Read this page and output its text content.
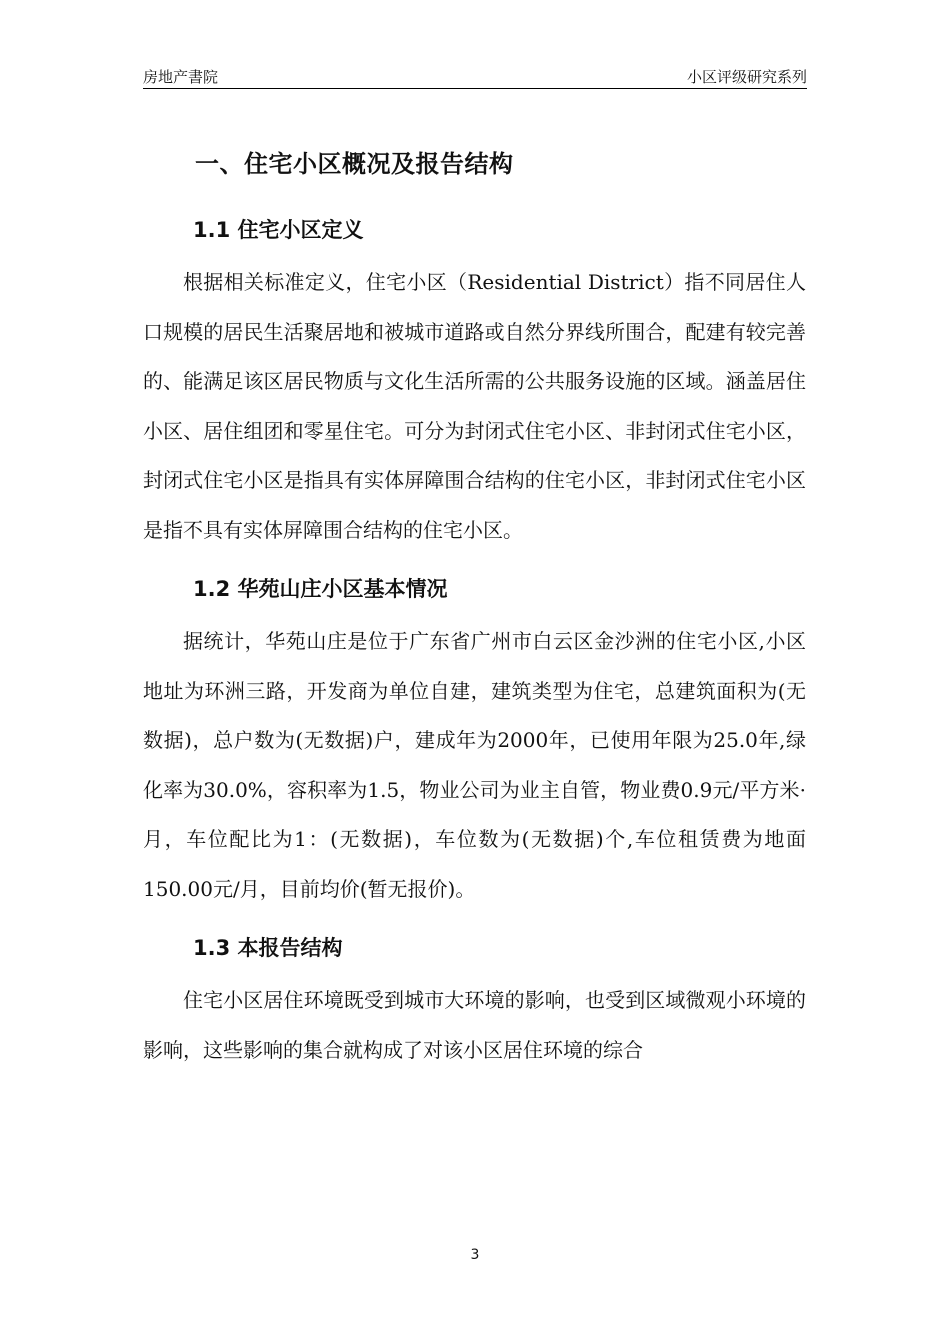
房地产書院	小区评级研究系列
一、住宅小区概况及报告结构
1.1 住宅小区定义

根据相关标准定义，住宅小区（Residential District）指不同居住人口规模的居民生活聚居地和被城市道路或自然分界线所围合，配建有较完善的、能满足该区居民物质与文化生活所需的公共服务设施的区域。涵盖居住小区、居住组团和零星住宅。可分为封闭式住宅小区、非封闭式住宅小区，封闭式住宅小区是指具有实体屏障围合结构的住宅小区，非封闭式住宅小区是指不具有实体屏障围合结构的住宅小区。

1.2 华苑山庄小区基本情况

据统计，华苑山庄是位于广东省广州市白云区金沙洲的住宅小区,小区地址为环洲三路，开发商为单位自建，建筑类型为住宅，总建筑面积为(无数据)，总户数为(无数据)户，建成年为2000年，已使用年限为25.0年,绿化率为30.0%，容积率为1.5，物业公司为业主自管，物业费0.9元/平方米·月，车位配比为1：(无数据)，车位数为(无数据)个,车位租赁费为地面150.00元/月，目前均价(暂无报价)。

1.3 本报告结构

住宅小区居住环境既受到城市大环境的影响，也受到区域微观小环境的影响，这些影响的集合就构成了对该小区居住环境的综合

3
